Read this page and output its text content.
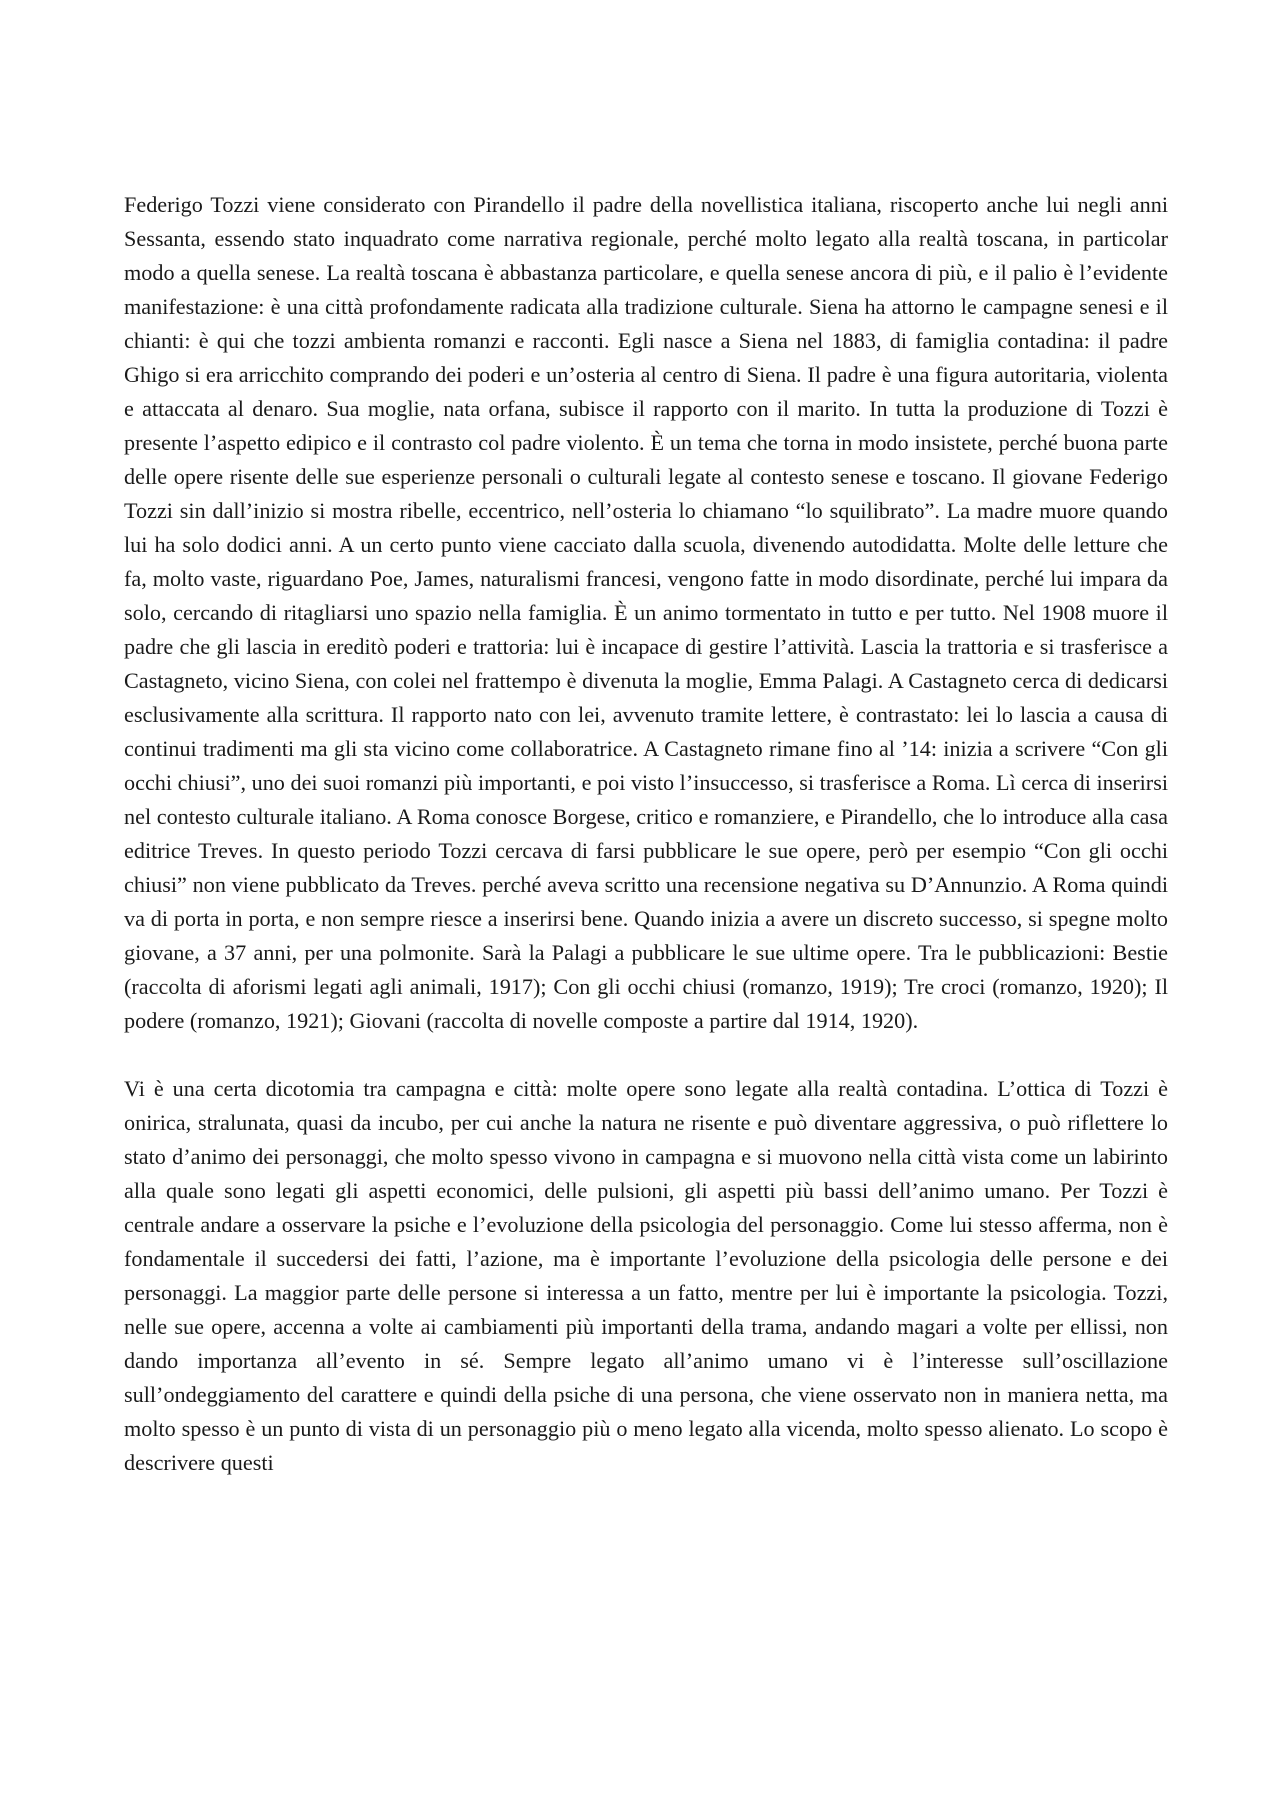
Federigo Tozzi viene considerato con Pirandello il padre della novellistica italiana, riscoperto anche lui negli anni Sessanta, essendo stato inquadrato come narrativa regionale, perché molto legato alla realtà toscana, in particolar modo a quella senese. La realtà toscana è abbastanza particolare, e quella senese ancora di più, e il palio è l’evidente manifestazione: è una città profondamente radicata alla tradizione culturale. Siena ha attorno le campagne senesi e il chianti: è qui che tozzi ambienta romanzi e racconti. Egli nasce a Siena nel 1883, di famiglia contadina: il padre Ghigo si era arricchito comprando dei poderi e un’osteria al centro di Siena. Il padre è una figura autoritaria, violenta e attaccata al denaro. Sua moglie, nata orfana, subisce il rapporto con il marito. In tutta la produzione di Tozzi è presente l’aspetto edipico e il contrasto col padre violento. È un tema che torna in modo insistete, perché buona parte delle opere risente delle sue esperienze personali o culturali legate al contesto senese e toscano. Il giovane Federigo Tozzi sin dall’inizio si mostra ribelle, eccentrico, nell’osteria lo chiamano “lo squilibrato”. La madre muore quando lui ha solo dodici anni. A un certo punto viene cacciato dalla scuola, divenendo autodidatta. Molte delle letture che fa, molto vaste, riguardano Poe, James, naturalismi francesi, vengono fatte in modo disordinate, perché lui impara da solo, cercando di ritagliarsi uno spazio nella famiglia. È un animo tormentato in tutto e per tutto. Nel 1908 muore il padre che gli lascia in ereditò poderi e trattoria: lui è incapace di gestire l’attività. Lascia la trattoria e si trasferisce a Castagneto, vicino Siena, con colei nel frattempo è divenuta la moglie, Emma Palagi. A Castagneto cerca di dedicarsi esclusivamente alla scrittura. Il rapporto nato con lei, avvenuto tramite lettere, è contrastato: lei lo lascia a causa di continui tradimenti ma gli sta vicino come collaboratrice. A Castagneto rimane fino al ’14: inizia a scrivere “Con gli occhi chiusi”, uno dei suoi romanzi più importanti, e poi visto l’insuccesso, si trasferisce a Roma. Lì cerca di inserirsi nel contesto culturale italiano. A Roma conosce Borgese, critico e romanziere, e Pirandello, che lo introduce alla casa editrice Treves. In questo periodo Tozzi cercava di farsi pubblicare le sue opere, però per esempio “Con gli occhi chiusi” non viene pubblicato da Treves. perché aveva scritto una recensione negativa su D’Annunzio. A Roma quindi va di porta in porta, e non sempre riesce a inserirsi bene. Quando inizia a avere un discreto successo, si spegne molto giovane, a 37 anni, per una polmonite. Sarà la Palagi a pubblicare le sue ultime opere. Tra le pubblicazioni: Bestie (raccolta di aforismi legati agli animali, 1917); Con gli occhi chiusi (romanzo, 1919); Tre croci (romanzo, 1920); Il podere (romanzo, 1921); Giovani (raccolta di novelle composte a partire dal 1914, 1920).

Vi è una certa dicotomia tra campagna e città: molte opere sono legate alla realtà contadina. L’ottica di Tozzi è onirica, stralunata, quasi da incubo, per cui anche la natura ne risente e può diventare aggressiva, o può riflettere lo stato d’animo dei personaggi, che molto spesso vivono in campagna e si muovono nella città vista come un labirinto alla quale sono legati gli aspetti economici, delle pulsioni, gli aspetti più bassi dell’animo umano. Per Tozzi è centrale andare a osservare la psiche e l’evoluzione della psicologia del personaggio. Come lui stesso afferma, non è fondamentale il succedersi dei fatti, l’azione, ma è importante l’evoluzione della psicologia delle persone e dei personaggi. La maggior parte delle persone si interessa a un fatto, mentre per lui è importante la psicologia. Tozzi, nelle sue opere, accenna a volte ai cambiamenti più importanti della trama, andando magari a volte per ellissi, non dando importanza all’evento in sé. Sempre legato all’animo umano vi è l’interesse sull’oscillazione sull’ondeggiamento del carattere e quindi della psiche di una persona, che viene osservato non in maniera netta, ma molto spesso è un punto di vista di un personaggio più o meno legato alla vicenda, molto spesso alienato. Lo scopo è descrivere questi
